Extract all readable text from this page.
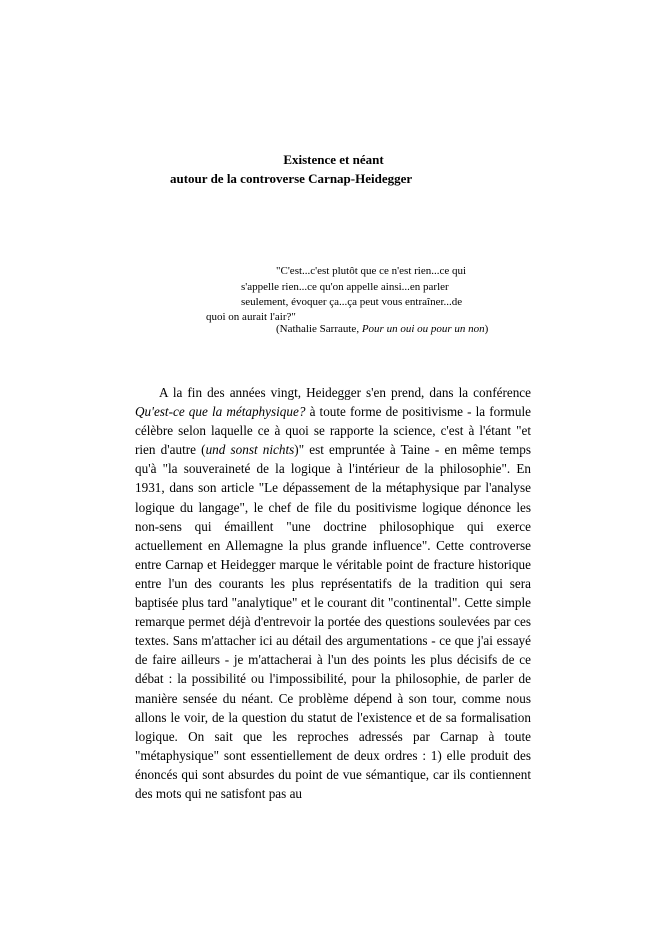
Existence et néant
autour de la controverse Carnap-Heidegger
"C'est...c'est plutôt que ce n'est rien...ce qui
s'appelle rien...ce qu'on appelle ainsi...en parler
seulement, évoquer ça...ça peut vous entraîner...de
quoi on aurait l'air?"
(Nathalie Sarraute, Pour un oui ou pour un non)

A la fin des années vingt, Heidegger s'en prend, dans la conférence Qu'est-ce que la métaphysique? à toute forme de positivisme - la formule célèbre selon laquelle ce à quoi se rapporte la science, c'est à l'étant "et rien d'autre (und sonst nichts)" est empruntée à Taine - en même temps qu'à "la souveraineté de la logique à l'intérieur de la philosophie". En 1931, dans son article "Le dépassement de la métaphysique par l'analyse logique du langage", le chef de file du positivisme logique dénonce les non-sens qui émaillent "une doctrine philosophique qui exerce actuellement en Allemagne la plus grande influence". Cette controverse entre Carnap et Heidegger marque le véritable point de fracture historique entre l'un des courants les plus représentatifs de la tradition qui sera baptisée plus tard "analytique" et le courant dit "continental". Cette simple remarque permet déjà d'entrevoir la portée des questions soulevées par ces textes. Sans m'attacher ici au détail des argumentations - ce que j'ai essayé de faire ailleurs - je m'attacherai à l'un des points les plus décisifs de ce débat : la possibilité ou l'impossibilité, pour la philosophie, de parler de manière sensée du néant. Ce problème dépend à son tour, comme nous allons le voir, de la question du statut de l'existence et de sa formalisation logique. On sait que les reproches adressés par Carnap à toute "métaphysique" sont essentiellement de deux ordres : 1) elle produit des énoncés qui sont absurdes du point de vue sémantique, car ils contiennent des mots qui ne satisfont pas au
